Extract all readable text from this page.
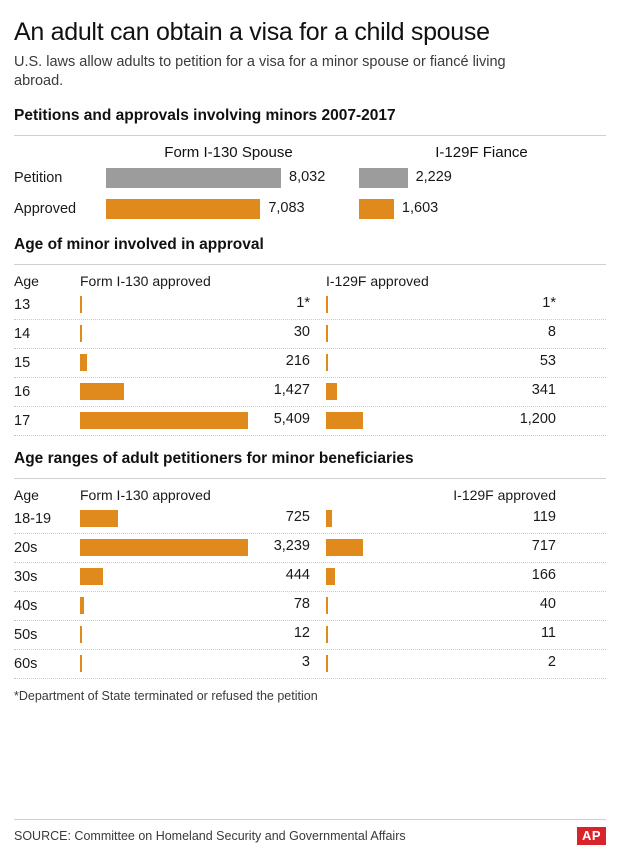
An adult can obtain a visa for a child spouse

U.S. laws allow adults to petition for a visa for a minor spouse or fiancé living abroad.

Petitions and approvals involving minors 2007-2017
Form I-130 Spouse	I-129F Fiance
Petition	8,032	2,229
Approved	7,083	1,603
Age of minor involved in approval
Age	Form I-130 approved	I-129F approved
13	1*	1*
14	30	8
15	216	53
16	1,427	341
17	5,409	1,200
Age ranges of adult petitioners for minor beneficiaries
Age	Form I-130 approved	I-129F approved
18-19	725	119
20s	3,239	717
30s	444	166
40s	78	40
50s	12	11
60s	3	2
*Department of State terminated or refused the petition
SOURCE: Committee on Homeland Security and Governmental Affairs	AP
